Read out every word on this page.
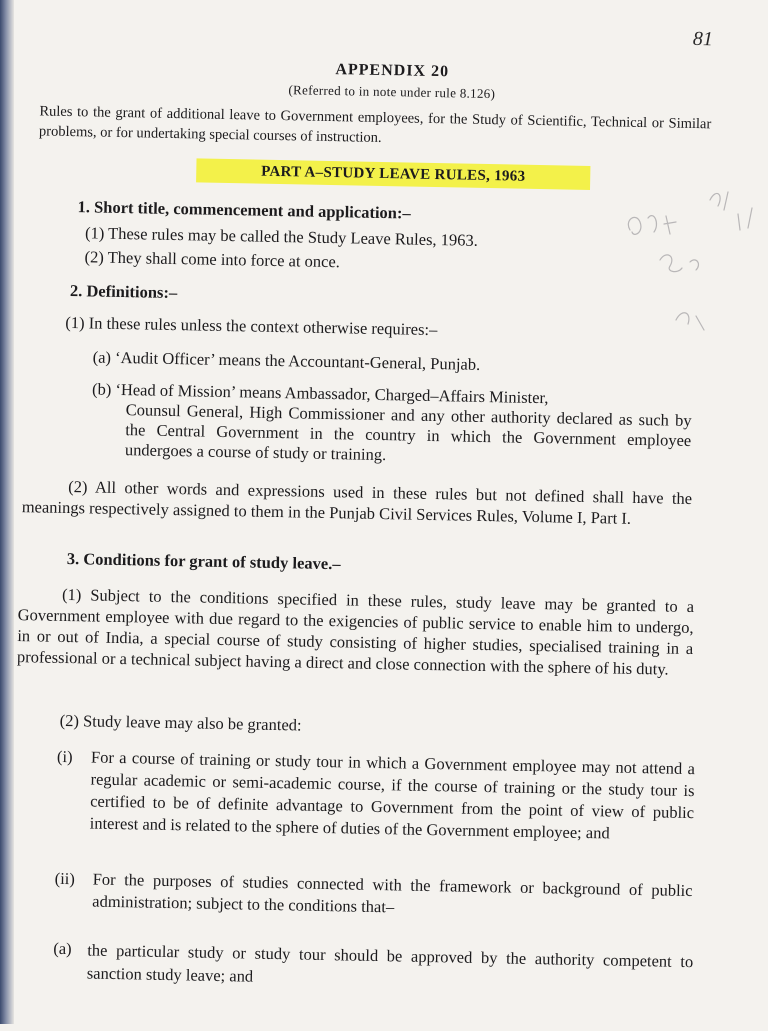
81
APPENDIX 20
(Referred to in note under rule 8.126)
Rules to the grant of additional leave to Government employees, for the Study of Scientific, Technical or Similar problems, or for undertaking special courses of instruction.
PART A–STUDY LEAVE RULES, 1963
1. Short title, commencement and application:–
(1) These rules may be called the Study Leave Rules, 1963.
(2) They shall come into force at once.
2. Definitions:–
(1) In these rules unless the context otherwise requires:–
(a) ‘Audit Officer’ means the Accountant-General, Punjab.
(b) ‘Head of Mission’ means Ambassador, Charged–Affairs Minister,
Counsul General, High Commissioner and any other authority declared as such by the Central Government in the country in which the Government employee undergoes a course of study or training.
(2) All other words and expressions used in these rules but not defined shall have the meanings respectively assigned to them in the Punjab Civil Services Rules, Volume I, Part I.
3. Conditions for grant of study leave.–
(1) Subject to the conditions specified in these rules, study leave may be granted to a Government employee with due regard to the exigencies of public service to enable him to undergo, in or out of India, a special course of study consisting of higher studies, specialised training in a professional or a technical subject having a direct and close connection with the sphere of his duty.
(2) Study leave may also be granted:
(i) For a course of training or study tour in which a Government employee may not attend a regular academic or semi-academic course, if the course of training or the study tour is certified to be of definite advantage to Government from the point of view of public interest and is related to the sphere of duties of the Government employee; and
(ii) For the purposes of studies connected with the framework or background of public administration; subject to the conditions that–
(a) the particular study or study tour should be approved by the authority competent to sanction study leave; and
